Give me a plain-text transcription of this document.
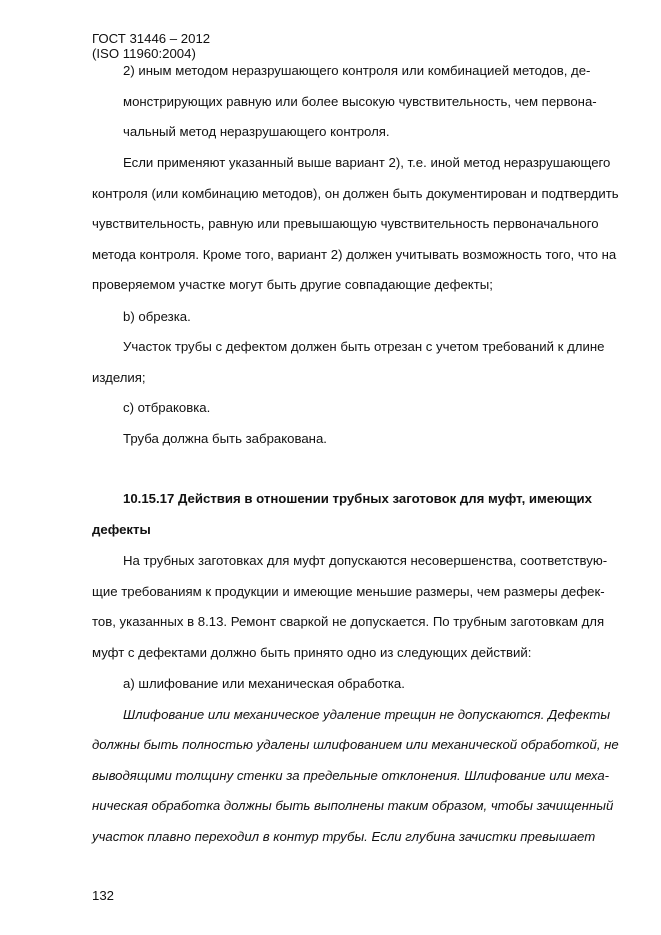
ГОСТ 31446 – 2012
(ISO 11960:2004)
2) иным методом неразрушающего контроля или комбинацией методов, де-
монстрирующих равную или более высокую чувствительность, чем первона-
чальный метод неразрушающего контроля.
Если применяют указанный выше вариант 2), т.е. иной метод неразрушающего
контроля (или комбинацию методов), он должен быть документирован и подтвердить
чувствительность, равную или превышающую чувствительность первоначального
метода контроля. Кроме того, вариант 2) должен учитывать возможность того, что на
проверяемом участке могут быть другие совпадающие дефекты;
b) обрезка.
Участок трубы с дефектом должен быть отрезан с учетом требований к длине
изделия;
c) отбраковка.
Труба должна быть забракована.
10.15.17 Действия в отношении трубных заготовок для муфт, имеющих
дефекты
На трубных заготовках для муфт допускаются несовершенства, соответствую-
щие требованиям к продукции и имеющие меньшие размеры, чем размеры дефек-
тов, указанных в 8.13. Ремонт сваркой не допускается. По трубным заготовкам для
муфт с дефектами должно быть принято одно из следующих действий:
a) шлифование или механическая обработка.
Шлифование или механическое удаление трещин не допускаются. Дефекты
должны быть полностью удалены шлифованием или механической обработкой, не
выводящими толщину стенки за предельные отклонения. Шлифование или меха-
ническая обработка должны быть выполнены таким образом, чтобы зачищенный
участок плавно переходил в контур трубы. Если глубина зачистки превышает
132
